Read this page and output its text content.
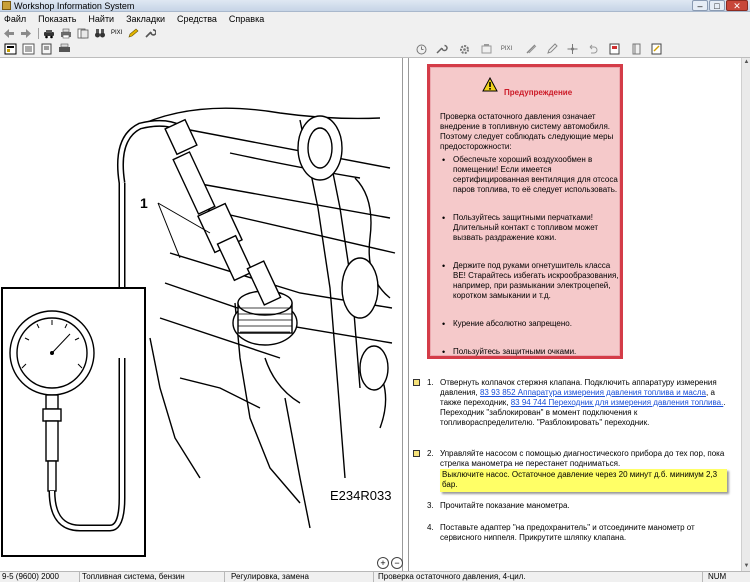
Workshop Information System	–	□	✕
Файл Показать Найти Закладки Средства Справка
PIXI
PIXI
1
E234R033
+ −
Предупреждение
Проверка остаточного давления означает внедрение в топливную систему автомобиля. Поэтому следует соблюдать следующие меры предосторожности:
• Обеспечьте хороший воздухообмен в помещении! Если имеется сертифицированная вентиляция для отсоса паров топлива, то её следует использовать.
• Пользуйтесь защитными перчатками! Длительный контакт с топливом может вызвать раздражение кожи.
• Держите под руками огнетушитель класса ВЕ! Старайтесь избегать искрообразования, например, при размыкании электроцепей, коротком замыкании и т.д.
• Курение абсолютно запрещено.
• Пользуйтесь защитными очками.
1. Отвернуть колпачок стержня клапана. Подключить аппаратуру измерения давления, 83 93 852 Аппаратура измерения давления топлива и масла, а также переходник, 83 94 744 Переходник для измерения давления топлива.. Переходник "заблокирован" в момент подключения к топливораспределителю. "Разблокировать" переходник.
2. Управляйте насосом с помощью диагностического прибора до тех пор, пока стрелка манометра не перестанет подниматься.
Выключите насос. Остаточное давление через 20 минут д.б. минимум 2,3 бар.
3. Прочитайте показание манометра.
4. Поставьте адаптер "на предохранитель" и отсоедините манометр от сервисного ниппеля. Прикрутите шляпку клапана.
▲
▼
9-5 (9600) 2000	Топливная система, бензин	Регулировка, замена	Проверка остаточного давления, 4-цил.	NUM
